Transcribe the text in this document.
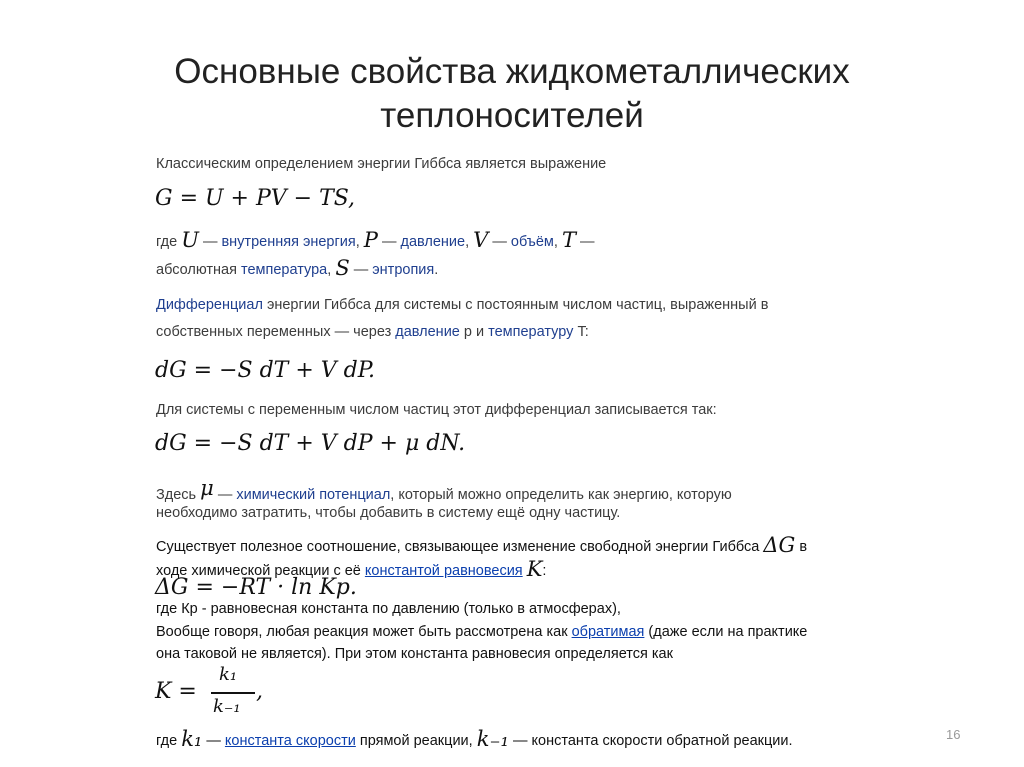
Основные свойства жидкометаллических
теплоносителей
Классическим определением энергии Гиббса является выражение
G = U + PV − TS,
где U — внутренняя энергия, P — давление, V — объём, T —
абсолютная температура, S — энтропия.
Дифференциал энергии Гиббса для системы с постоянным числом частиц, выраженный в
собственных переменных — через давление p и температуру T:
dG = −S dT + V dP.
Для системы с переменным числом частиц этот дифференциал записывается так:
dG = −S dT + V dP + μ dN.
Здесь μ — химический потенциал, который можно определить как энергию, которую
необходимо затратить, чтобы добавить в систему ещё одну частицу.
Существует полезное соотношение, связывающее изменение свободной энергии Гиббса ΔG в
ходе химической реакции с её константой равновесия K:
ΔG = −RT · ln Kp.
где Кр - равновесная константа по давлению (только в атмосферах),
Вообще говоря, любая реакция может быть рассмотрена как обратимая (даже если на практике
она таковой не является). При этом константа равновесия определяется как
K =
k₁
k₋₁
,
где k₁ — константа скорости прямой реакции, k₋₁ — константа скорости обратной реакции.	16
